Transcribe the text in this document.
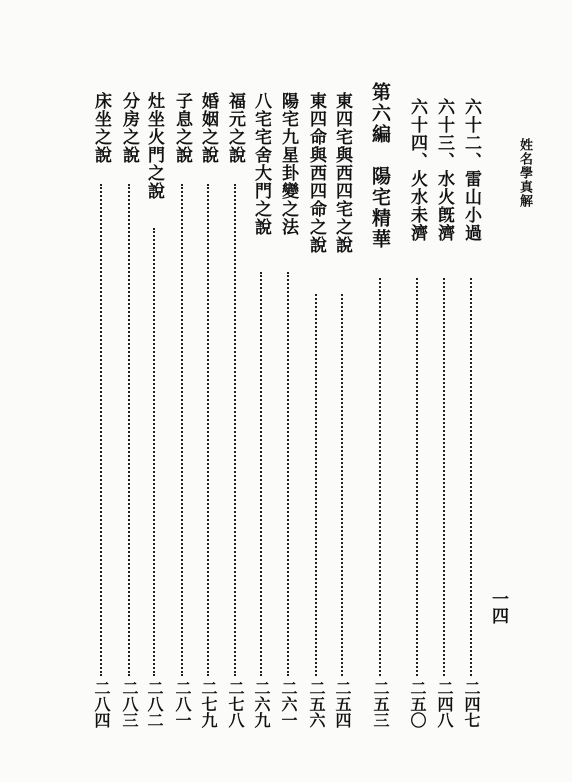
姓名學真解
一四
六十二、雷山小過
二四七
六十三、水火旣濟
二四八
六十四、火水未濟
二五〇
第六編　陽宅精華
二五三
東四宅與西四宅之說
二五四
東四命與西四命之說
二五六
陽宅九星卦變之法
二六一
八宅宅舍大門之說
二六九
福元之說
二七八
婚姻之說
二七九
子息之說
二八一
灶坐火門之說
二八二
分房之說
二八三
床坐之說
二八四
